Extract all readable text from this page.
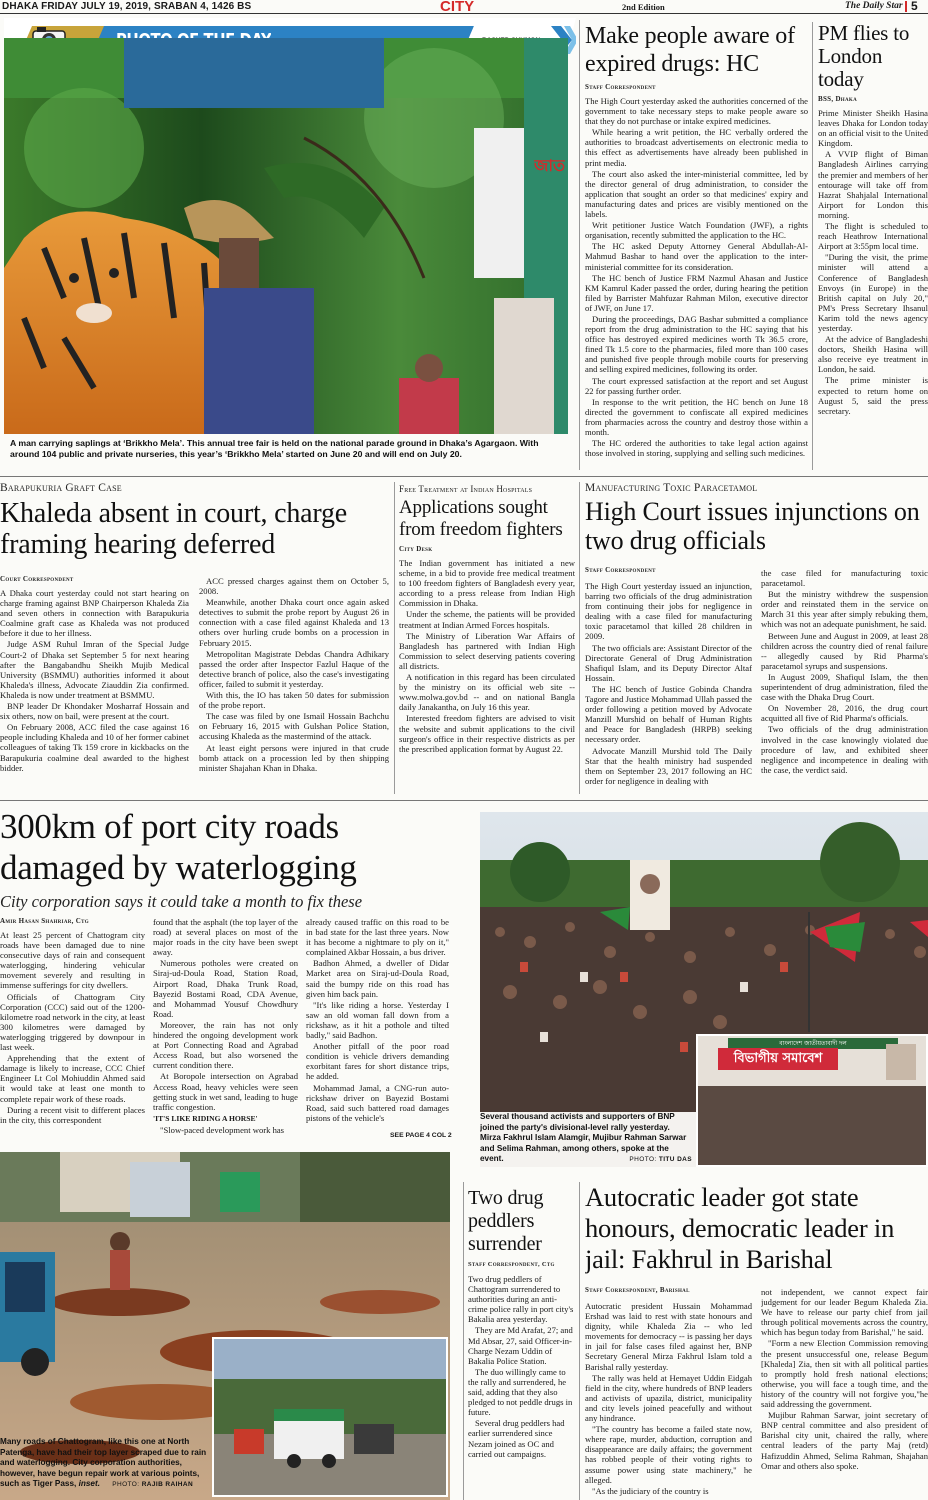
DHAKA FRIDAY JULY 19, 2019, SRABAN 4, 1426 BS	CITY	2nd Edition	The Daily Star 5
জাত
A man carrying saplings at ‘Brikkho Mela’. This annual tree fair is held on the national parade ground in Dhaka’s Agargaon. With around 104 public and private nurseries, this year’s ‘Brikkho Mela’ started on June 20 and will end on July 20.
Make people aware of expired drugs: HC
Staff Correspondent

The High Court yesterday asked the authorities concerned of the government to take necessary steps to make people aware so that they do not purchase or intake expired medicines.

While hearing a writ petition, the HC verbally ordered the authorities to broadcast advertisements on electronic media to this effect as advertisements have already been published in print media.

The court also asked the inter-ministerial committee, led by the director general of drug administration, to consider the application that sought an order so that medicines' expiry and manufacturing dates and prices are visibly mentioned on the labels.

Writ petitioner Justice Watch Foundation (JWF), a rights organisation, recently submitted the application to the HC.

The HC asked Deputy Attorney General Abdullah-Al-Mahmud Bashar to hand over the application to the inter-ministerial committee for its consideration.

The HC bench of Justice FRM Nazmul Ahasan and Justice KM Kamrul Kader passed the order, during hearing the petition filed by Barrister Mahfuzar Rahman Milon, executive director of JWF, on June 17.

During the proceedings, DAG Bashar submitted a compliance report from the drug administration to the HC saying that his office has destroyed expired medicines worth Tk 36.5 crore, fined Tk 1.5 core to the pharmacies, filed more than 100 cases and punished five people through mobile courts for preserving and selling expired medicines, following its order.

The court expressed satisfaction at the report and set August 22 for passing further order.

In response to the writ petition, the HC bench on June 18 directed the government to confiscate all expired medicines from pharmacies across the country and destroy those within a month.

The HC ordered the authorities to take legal action against those involved in storing, supplying and selling such medicines.

PM flies to London today
BSS, Dhaka

Prime Minister Sheikh Hasina leaves Dhaka for London today on an official visit to the United Kingdom.

A VVIP flight of Biman Bangladesh Airlines carrying the premier and members of her entourage will take off from Hazrat Shahjalal International Airport for London this morning.

The flight is scheduled to reach Heathrow International Airport at 3:55pm local time.

"During the visit, the prime minister will attend a Conference of Bangladesh Envoys (in Europe) in the British capital on July 20," PM's Press Secretary Ihsanul Karim told the news agency yesterday.

At the advice of Bangladeshi doctors, Sheikh Hasina will also receive eye treatment in London, he said.

The prime minister is expected to return home on August 5, said the press secretary.

Barapukuria Graft Case
Khaleda absent in court, charge framing hearing deferred
Court Correspondent

A Dhaka court yesterday could not start hearing on charge framing against BNP Chairperson Khaleda Zia and seven others in connection with Barapukuria Coalmine graft case as Khaleda was not produced before it due to her illness.

Judge ASM Ruhul Imran of the Special Judge Court-2 of Dhaka set September 5 for next hearing after the Bangabandhu Sheikh Mujib Medical University (BSMMU) authorities informed it about Khaleda's illness, Advocate Ziauddin Zia confirmed. Khaleda is now under treatment at BSMMU.

BNP leader Dr Khondaker Mosharraf Hossain and six others, now on bail, were present at the court.

On February 2008, ACC filed the case against 16 people including Khaleda and 10 of her former cabinet colleagues of taking Tk 159 crore in kickbacks on the Barapukuria coalmine deal awarded to the highest bidder.

ACC pressed charges against them on October 5, 2008.

Meanwhile, another Dhaka court once again asked detectives to submit the probe report by August 26 in connection with a case filed against Khaleda and 13 others over hurling crude bombs on a procession in February 2015.

Metropolitan Magistrate Debdas Chandra Adhikary passed the order after Inspector Fazlul Haque of the detective branch of police, also the case's investigating officer, failed to submit it yesterday.

With this, the IO has taken 50 dates for submission of the probe report.

The case was filed by one Ismail Hossain Bachchu on February 16, 2015 with Gulshan Police Station, accusing Khaleda as the mastermind of the attack.

At least eight persons were injured in that crude bomb attack on a procession led by then shipping minister Shajahan Khan in Dhaka.

Free Treatment at Indian Hospitals
Applications sought from freedom fighters
City Desk

The Indian government has initiated a new scheme, in a bid to provide free medical treatment to 100 freedom fighters of Bangladesh every year, according to a press release from Indian High Commission in Dhaka.

Under the scheme, the patients will be provided treatment at Indian Armed Forces hospitals.

The Ministry of Liberation War Affairs of Bangladesh has partnered with Indian High Commission to select deserving patients covering all districts.

A notification in this regard has been circulated by the ministry on its official web site -- www.molwa.gov.bd -- and on national Bangla daily Janakantha, on July 16 this year.

Interested freedom fighters are advised to visit the website and submit applications to the civil surgeon's office in their respective districts as per the prescribed application format by August 22.

Manufacturing Toxic Paracetamol
High Court issues injunctions on two drug officials
Staff Correspondent

The High Court yesterday issued an injunction, barring two officials of the drug administration from continuing their jobs for negligence in dealing with a case filed for manufacturing toxic paracetamol that killed 28 children in 2009.

The two officials are: Assistant Director of the Directorate General of Drug Administration Shafiqul Islam, and its Deputy Director Altaf Hossain.

The HC bench of Justice Gobinda Chandra Tagore and Justice Mohammad Ullah passed the order following a petition moved by Advocate Manzill Murshid on behalf of Human Rights and Peace for Bangladesh (HRPB) seeking necessary order.

Advocate Manzill Murshid told The Daily Star that the health ministry had suspended them on September 23, 2017 following an HC order for negligence in dealing with

the case filed for manufacturing toxic paracetamol.

But the ministry withdrew the suspension order and reinstated them in the service on March 31 this year after simply rebuking them, which was not an adequate punishment, he said.

Between June and August in 2009, at least 28 children across the country died of renal failure -- allegedly caused by Rid Pharma's paracetamol syrups and suspensions.

In August 2009, Shafiqul Islam, the then superintendent of drug administration, filed the case with the Dhaka Drug Court.

On November 28, 2016, the drug court acquitted all five of Rid Pharma's officials.

Two officials of the drug administration involved in the case knowingly violated due procedure of law, and exhibited sheer negligence and incompetence in dealing with the case, the verdict said.

300km of port city roads damaged by waterlogging
City corporation says it could take a month to fix these
Amir Hasan Shahriar, Ctg

At least 25 percent of Chattogram city roads have been damaged due to nine consecutive days of rain and consequent waterlogging, hindering vehicular movement severely and resulting in immense sufferings for city dwellers.

Officials of Chattogram City Corporation (CCC) said out of the 1200-kilometre road network in the city, at least 300 kilometres were damaged by waterlogging triggered by downpour in last week.

Apprehending that the extent of damage is likely to increase, CCC Chief Engineer Lt Col Mohiuddin Ahmed said it would take at least one month to complete repair work of these roads.

During a recent visit to different places in the city, this correspondent

found that the asphalt (the top layer of the road) at several places on most of the major roads in the city have been swept away.

Numerous potholes were created on Siraj-ud-Doula Road, Station Road, Airport Road, Dhaka Trunk Road, Bayezid Bostami Road, CDA Avenue, and Mohammad Yousuf Chowdhury Road.

Moreover, the rain has not only hindered the ongoing development work at Port Connecting Road and Agrabad Access Road, but also worsened the current condition there.

At Boropole intersection on Agrabad Access Road, heavy vehicles were seen getting stuck in wet sand, leading to huge traffic congestion.

'IT'S LIKE RIDING A HORSE'

"Slow-paced development work has

already caused traffic on this road to be in bad state for the last three years. Now it has become a nightmare to ply on it," complained Akbar Hossain, a bus driver.

Badhon Ahmed, a dweller of Didar Market area on Siraj-ud-Doula Road, said the bumpy ride on this road has given him back pain.

"It's like riding a horse. Yesterday I saw an old woman fall down from a rickshaw, as it hit a pothole and tilted badly," said Badhon.

Another pitfall of the poor road condition is vehicle drivers demanding exorbitant fares for short distance trips, he added.

Mohammad Jamal, a CNG-run auto-rickshaw driver on Bayezid Bostami Road, said such battered road damages pistons of the vehicle's

SEE PAGE 4 COL 2
Many roads of Chattogram, like this one at North Patenga, have had their top layer scraped due to rain and waterlogging. City corporation authorities, however, have begun repair work at various points, such as Tiger Pass, inset. PHOTO: RAJIB RAIHAN
বাংলাদেশ জাতীয়তাবাদী দল
বিভাগীয় সমাবেশ
Several thousand activists and supporters of BNP joined the party's divisional-level rally yesterday. Mirza Fakhrul Islam Alamgir, Mujibur Rahman Sarwar and Selima Rahman, among others, spoke at the event.	PHOTO: TITU DAS
Two drug peddlers surrender
Staff Correspondent, Ctg

Two drug peddlers of Chattogram surrendered to authorities during an anti-crime police rally in port city's Bakalia area yesterday.

They are Md Arafat, 27; and Md Absar, 27, said Officer-in-Charge Nezam Uddin of Bakalia Police Station.

The duo willingly came to the rally and surrendered, he said, adding that they also pledged to not peddle drugs in future.

Several drug peddlers had earlier surrendered since Nezam joined as OC and carried out campaigns.

Autocratic leader got state honours, democratic leader in jail: Fakhrul in Barishal
Staff Correspondent, Barishal

Autocratic president Hussain Mohammad Ershad was laid to rest with state honours and dignity, while Khaleda Zia -- who led movements for democracy -- is passing her days in jail for false cases filed against her, BNP Secretary General Mirza Fakhrul Islam told a Barishal rally yesterday.

The rally was held at Hemayet Uddin Eidgah field in the city, where hundreds of BNP leaders and activists of upazila, district, municipality and city levels joined peacefully and without any hindrance.

"The country has become a failed state now, where rape, murder, abduction, corruption and disappearance are daily affairs; the government has robbed people of their voting rights to assume power using state machinery," he alleged.

"As the judiciary of the country is

not independent, we cannot expect fair judgement for our leader Begum Khaleda Zia. We have to release our party chief from jail through political movements across the country, which has begun today from Barishal," he said.

"Form a new Election Commission removing the present unsuccessful one, release Begum [Khaleda] Zia, then sit with all political parties to promptly hold fresh national elections; otherwise, you will face a tough time, and the history of the country will not forgive you,"he said addressing the government.

Mujibur Rahman Sarwar, joint secretary of BNP central committee and also president of Barishal city unit, chaired the rally, where central leaders of the party Maj (retd) Hafizuddin Ahmed, Selima Rahman, Shajahan Omar and others also spoke.
